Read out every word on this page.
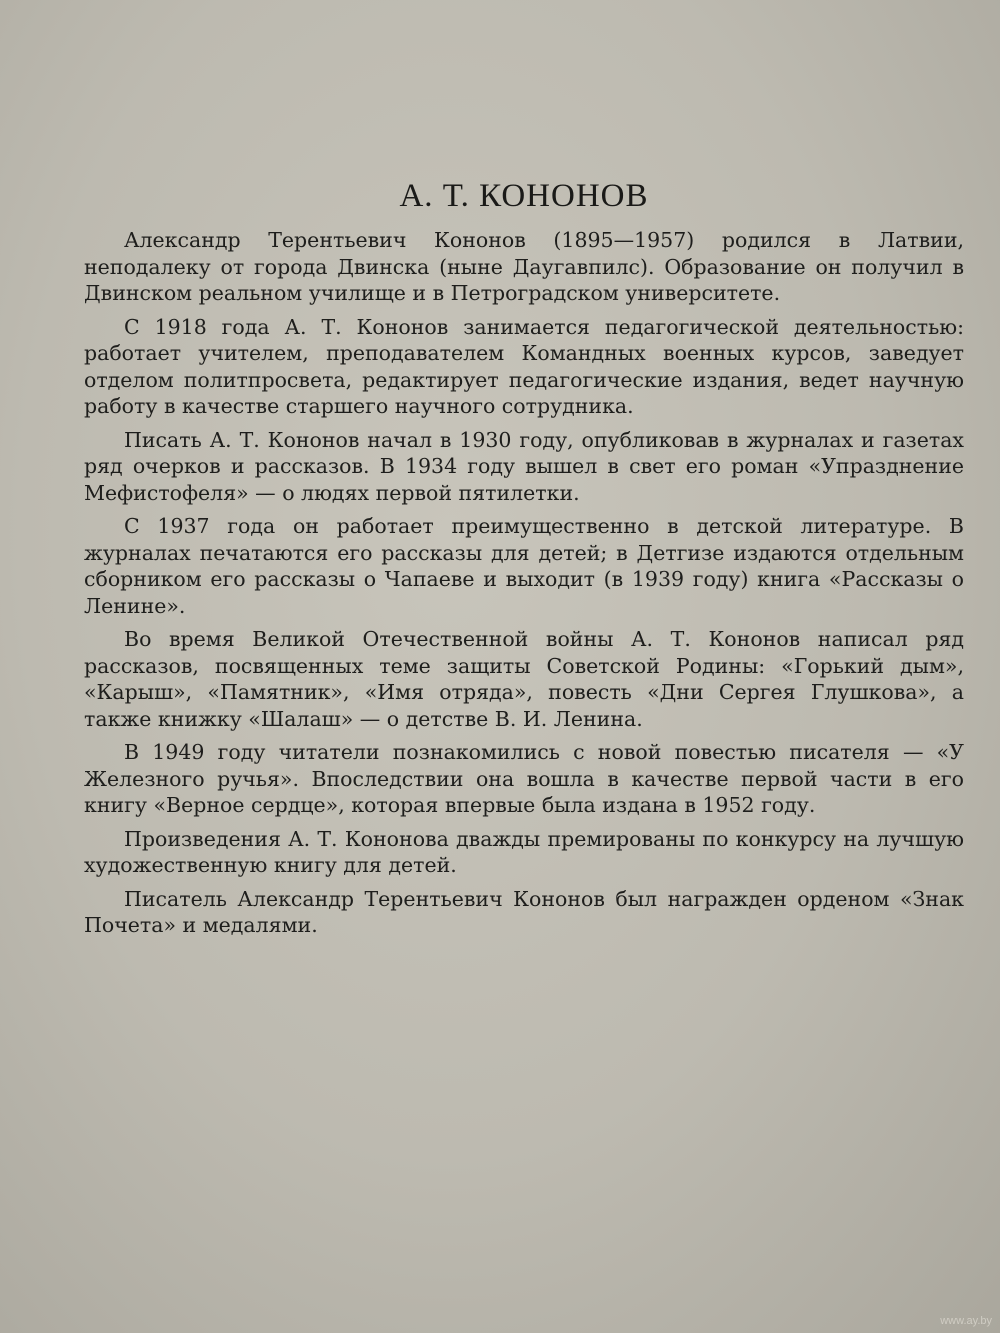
А. Т. КОНОНОВ

Александр Терентьевич Кононов (1895—1957) родился в Латвии, неподалеку от города Двинска (ныне Даугавпилс). Образование он получил в Двинском реальном училище и в Петроградском университете.

С 1918 года А. Т. Кононов занимается педагогической деятельностью: работает учителем, преподавателем Командных военных курсов, заведует отделом политпросвета, редактирует педагогические издания, ведет научную работу в качестве старшего научного сотрудника.

Писать А. Т. Кононов начал в 1930 году, опубликовав в журналах и газетах ряд очерков и рассказов. В 1934 году вышел в свет его роман «Упразднение Мефистофеля» — о людях первой пятилетки.

С 1937 года он работает преимущественно в детской литературе. В журналах печатаются его рассказы для детей; в Детгизе издаются отдельным сборником его рассказы о Чапаеве и выходит (в 1939 году) книга «Рассказы о Ленине».

Во время Великой Отечественной войны А. Т. Кононов написал ряд рассказов, посвященных теме защиты Советской Родины: «Горький дым», «Карыш», «Памятник», «Имя отряда», повесть «Дни Сергея Глушкова», а также книжку «Шалаш» — о детстве В. И. Ленина.

В 1949 году читатели познакомились с новой повестью писателя — «У Железного ручья». Впоследствии она вошла в качестве первой части в его книгу «Верное сердце», которая впервые была издана в 1952 году.

Произведения А. Т. Кононова дважды премированы по конкурсу на лучшую художественную книгу для детей.

Писатель Александр Терентьевич Кононов был награжден орденом «Знак Почета» и медалями.

www.ay.by
